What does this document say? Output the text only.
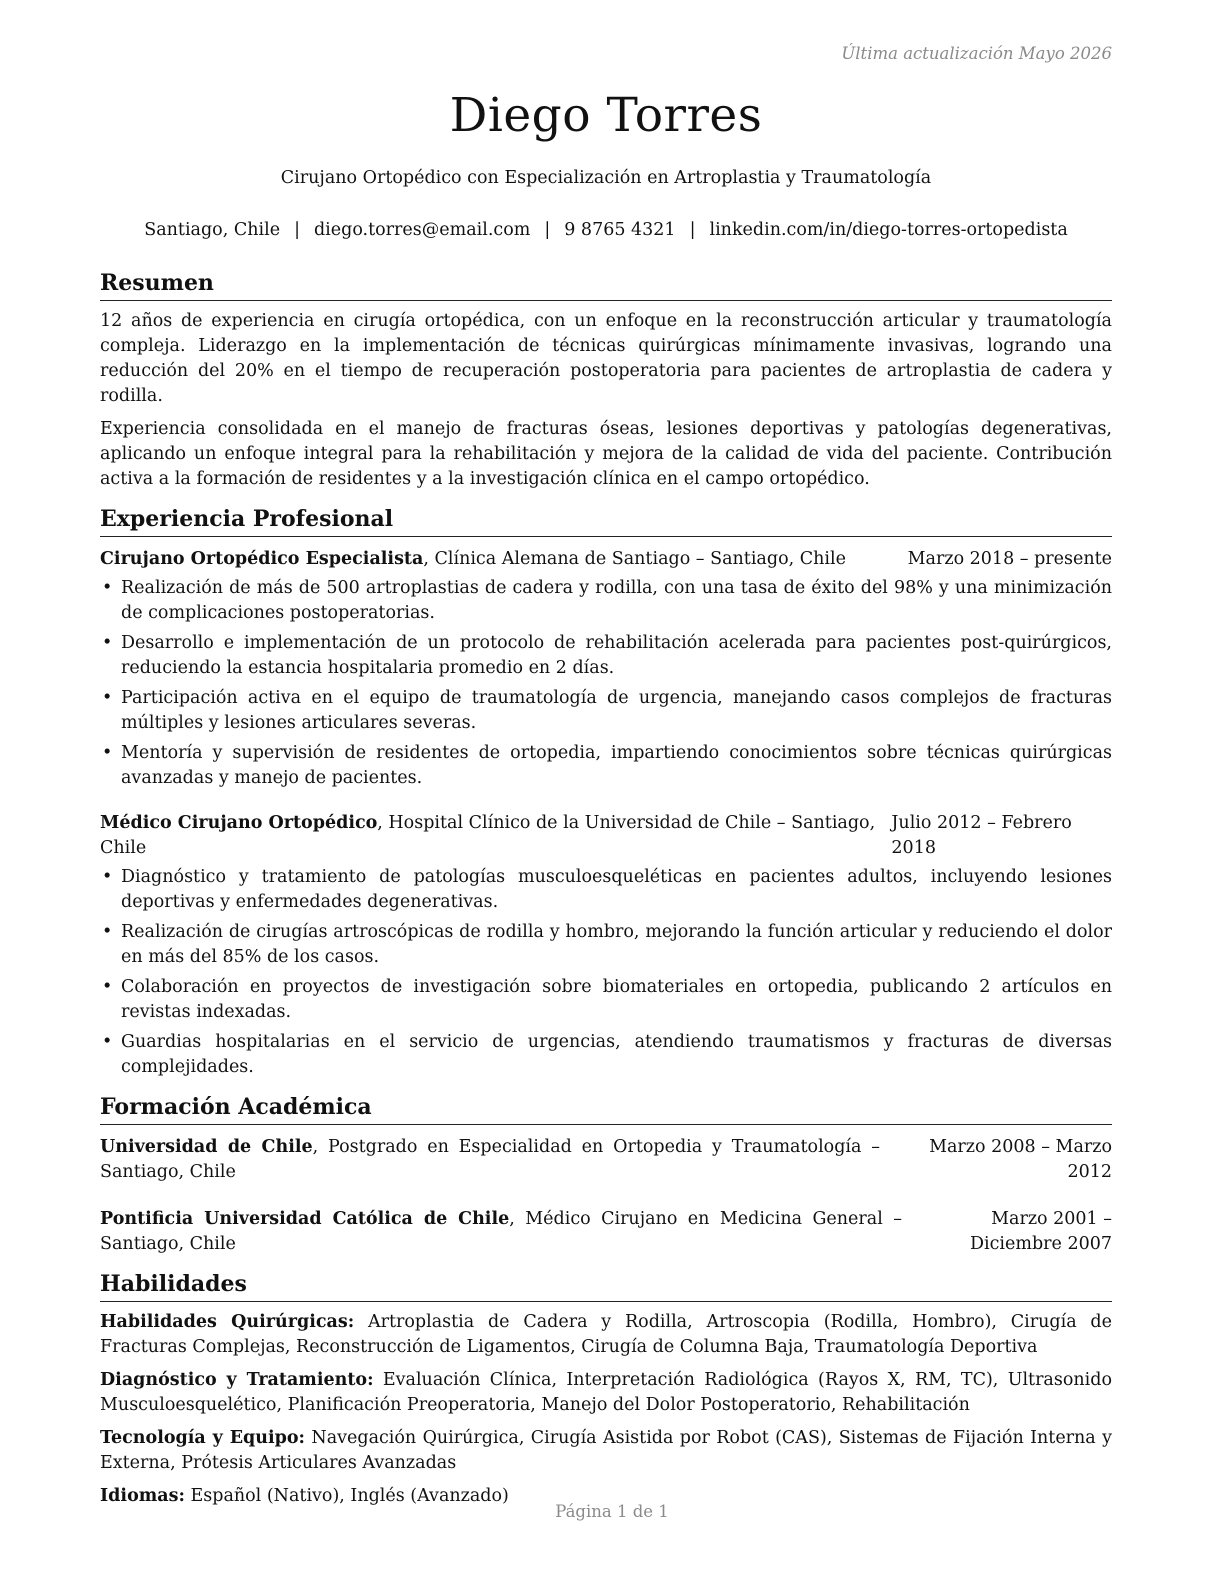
Última actualización Mayo 2026
Diego Torres
Cirujano Ortopédico con Especialización en Artroplastia y Traumatología
Santiago, Chile | diego.torres@email.com | 9 8765 4321 | linkedin.com/in/diego-torres-ortopedista
Resumen

12 años de experiencia en cirugía ortopédica, con un enfoque en la reconstrucción articular y traumatología compleja. Liderazgo en la implementación de técnicas quirúrgicas mínimamente invasivas, logrando una reducción del 20% en el tiempo de recuperación postoperatoria para pacientes de artroplastia de cadera y rodilla.

Experiencia consolidada en el manejo de fracturas óseas, lesiones deportivas y patologías degenerativas, aplicando un enfoque integral para la rehabilitación y mejora de la calidad de vida del paciente. Contribución activa a la formación de residentes y a la investigación clínica en el campo ortopédico.

Experiencia Profesional
Cirujano Ortopédico Especialista, Clínica Alemana de Santiago – Santiago, Chile	Marzo 2018 – presente
• Realización de más de 500 artroplastias de cadera y rodilla, con una tasa de éxito del 98% y una minimización de complicaciones postoperatorias.
• Desarrollo e implementación de un protocolo de rehabilitación acelerada para pacientes post-quirúrgicos, reduciendo la estancia hospitalaria promedio en 2 días.
• Participación activa en el equipo de traumatología de urgencia, manejando casos complejos de fracturas múltiples y lesiones articulares severas.
• Mentoría y supervisión de residentes de ortopedia, impartiendo conocimientos sobre técnicas quirúrgicas avanzadas y manejo de pacientes.
Médico Cirujano Ortopédico, Hospital Clínico de la Universidad de Chile – Santiago, Chile
Julio 2012 – Febrero 2018
• Diagnóstico y tratamiento de patologías musculoesqueléticas en pacientes adultos, incluyendo lesiones deportivas y enfermedades degenerativas.
• Realización de cirugías artroscópicas de rodilla y hombro, mejorando la función articular y reduciendo el dolor en más del 85% de los casos.
• Colaboración en proyectos de investigación sobre biomateriales en ortopedia, publicando 2 artículos en revistas indexadas.
• Guardias hospitalarias en el servicio de urgencias, atendiendo traumatismos y fracturas de diversas complejidades.
Formación Académica
Universidad de Chile, Postgrado en Especialidad en Ortopedia y Traumatología – Santiago, Chile
Marzo 2008 – Marzo 2012
Pontificia Universidad Católica de Chile, Médico Cirujano en Medicina General – Santiago, Chile
Marzo 2001 – Diciembre 2007
Habilidades
Habilidades Quirúrgicas: Artroplastia de Cadera y Rodilla, Artroscopia (Rodilla, Hombro), Cirugía de Fracturas Complejas, Reconstrucción de Ligamentos, Cirugía de Columna Baja, Traumatología Deportiva
Diagnóstico y Tratamiento: Evaluación Clínica, Interpretación Radiológica (Rayos X, RM, TC), Ultrasonido Musculoesquelético, Planificación Preoperatoria, Manejo del Dolor Postoperatorio, Rehabilitación
Tecnología y Equipo: Navegación Quirúrgica, Cirugía Asistida por Robot (CAS), Sistemas de Fijación Interna y Externa, Prótesis Articulares Avanzadas
Idiomas: Español (Nativo), Inglés (Avanzado)
Página 1 de 1
